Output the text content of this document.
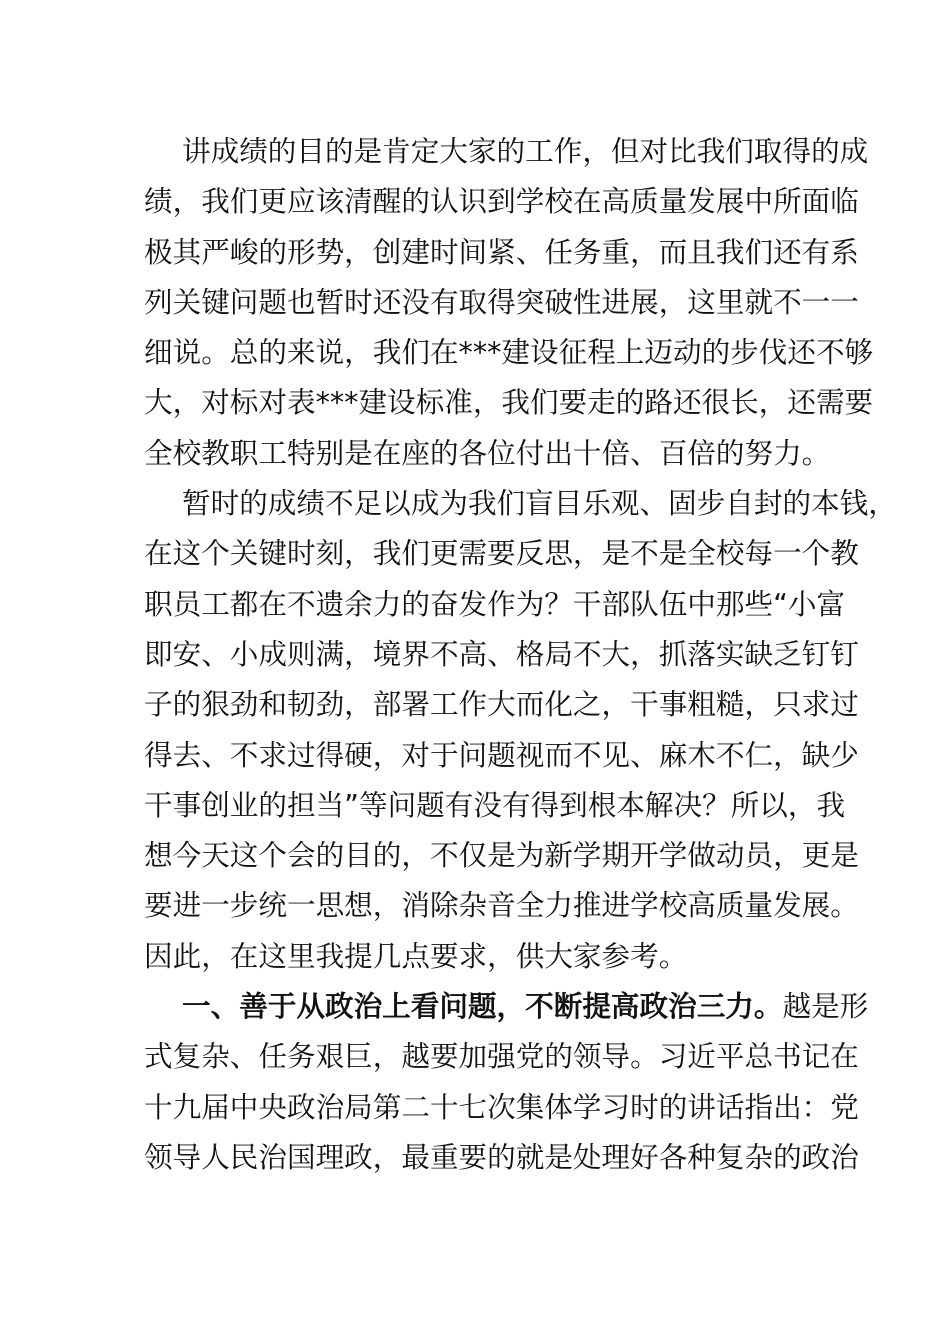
讲成绩的目的是肯定大家的工作，但对比我们取得的成
绩，我们更应该清醒的认识到学校在高质量发展中所面临
极其严峻的形势，创建时间紧、任务重，而且我们还有系
列关键问题也暂时还没有取得突破性进展，这里就不一一
细说。总的来说，我们在***建设征程上迈动的步伐还不够
大，对标对表***建设标准，我们要走的路还很长，还需要
全校教职工特别是在座的各位付出十倍、百倍的努力。
暂时的成绩不足以成为我们盲目乐观、固步自封的本钱，
在这个关键时刻，我们更需要反思，是不是全校每一个教
职员工都在不遗余力的奋发作为？干部队伍中那些“小富
即安、小成则满，境界不高、格局不大，抓落实缺乏钉钉
子的狠劲和韧劲，部署工作大而化之，干事粗糙，只求过
得去、不求过得硬，对于问题视而不见、麻木不仁，缺少
干事创业的担当”等问题有没有得到根本解决？所以，我
想今天这个会的目的，不仅是为新学期开学做动员，更是
要进一步统一思想，消除杂音全力推进学校高质量发展。
因此，在这里我提几点要求，供大家参考。
一、善于从政治上看问题，不断提高政治三力。越是形
式复杂、任务艰巨，越要加强党的领导。习近平总书记在
十九届中央政治局第二十七次集体学习时的讲话指出：党
领导人民治国理政，最重要的就是处理好各种复杂的政治
